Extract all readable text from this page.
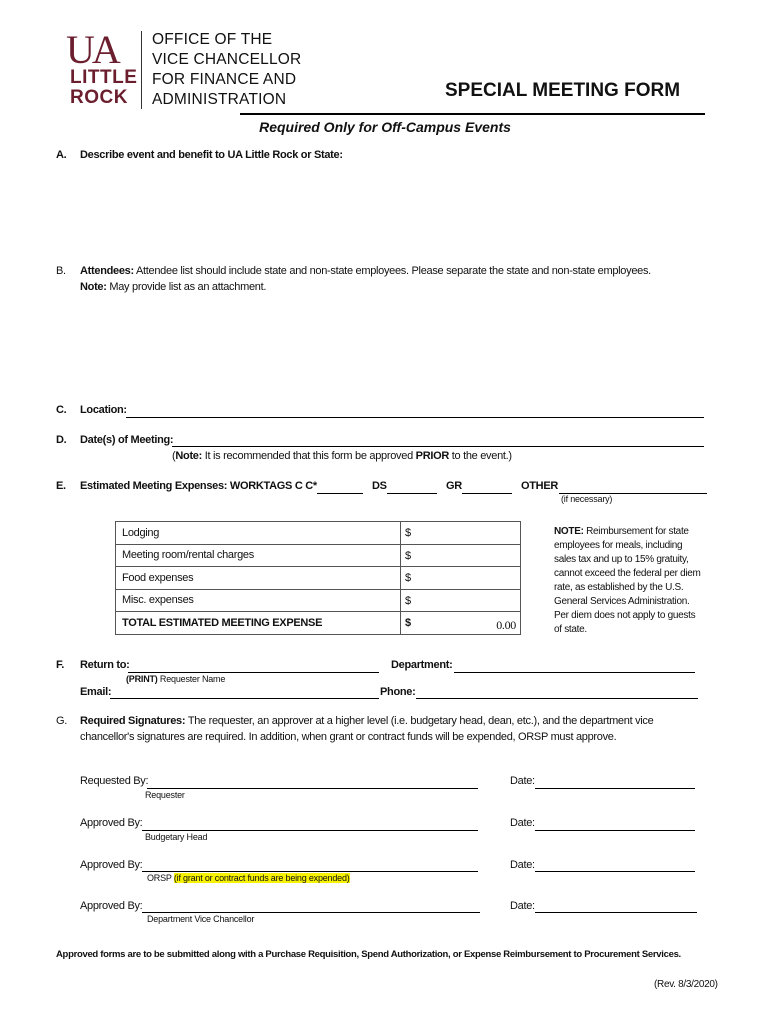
UA
LITTLE
ROCK
OFFICE OF THE
VICE CHANCELLOR
FOR FINANCE AND
ADMINISTRATION	SPECIAL MEETING FORM
Required Only for Off-Campus Events
A. Describe event and benefit to UA Little Rock or State:
B. Attendees: Attendee list should include state and non-state employees. Please separate the state and non-state employees.
Note: May provide list as an attachment.
C. Location:
D. Date(s) of Meeting:
(Note: It is recommended that this form be approved PRIOR to the event.)
E. Estimated Meeting Expenses: WORKTAGS C C*	DS	GR	OTHER
(if necessary)
Lodging	$

Meeting room/rental charges	$

Food expenses	$

Misc. expenses	$

TOTAL ESTIMATED MEETING EXPENSE	$ 0.00
NOTE: Reimbursement for state employees for meals, including sales tax and up to 15% gratuity, cannot exceed the federal per diem rate, as established by the U.S. General Services Administration. Per diem does not apply to guests of state.
F. Return to:
(PRINT) Requester Name
Department:
Email:	Phone:
G. Required Signatures: The requester, an approver at a higher level (i.e. budgetary head, dean, etc.), and the department vice
chancellor's signatures are required. In addition, when grant or contract funds will be expended, ORSP must approve.
Requested By:
Requester
Date:
Approved By:
Budgetary Head
Date:
Approved By:
ORSP (if grant or contract funds are being expended)
Date:
Approved By:
Department Vice Chancellor
Date:
Approved forms are to be submitted along with a Purchase Requisition, Spend Authorization, or Expense Reimbursement to Procurement Services.
(Rev. 8/3/2020)
